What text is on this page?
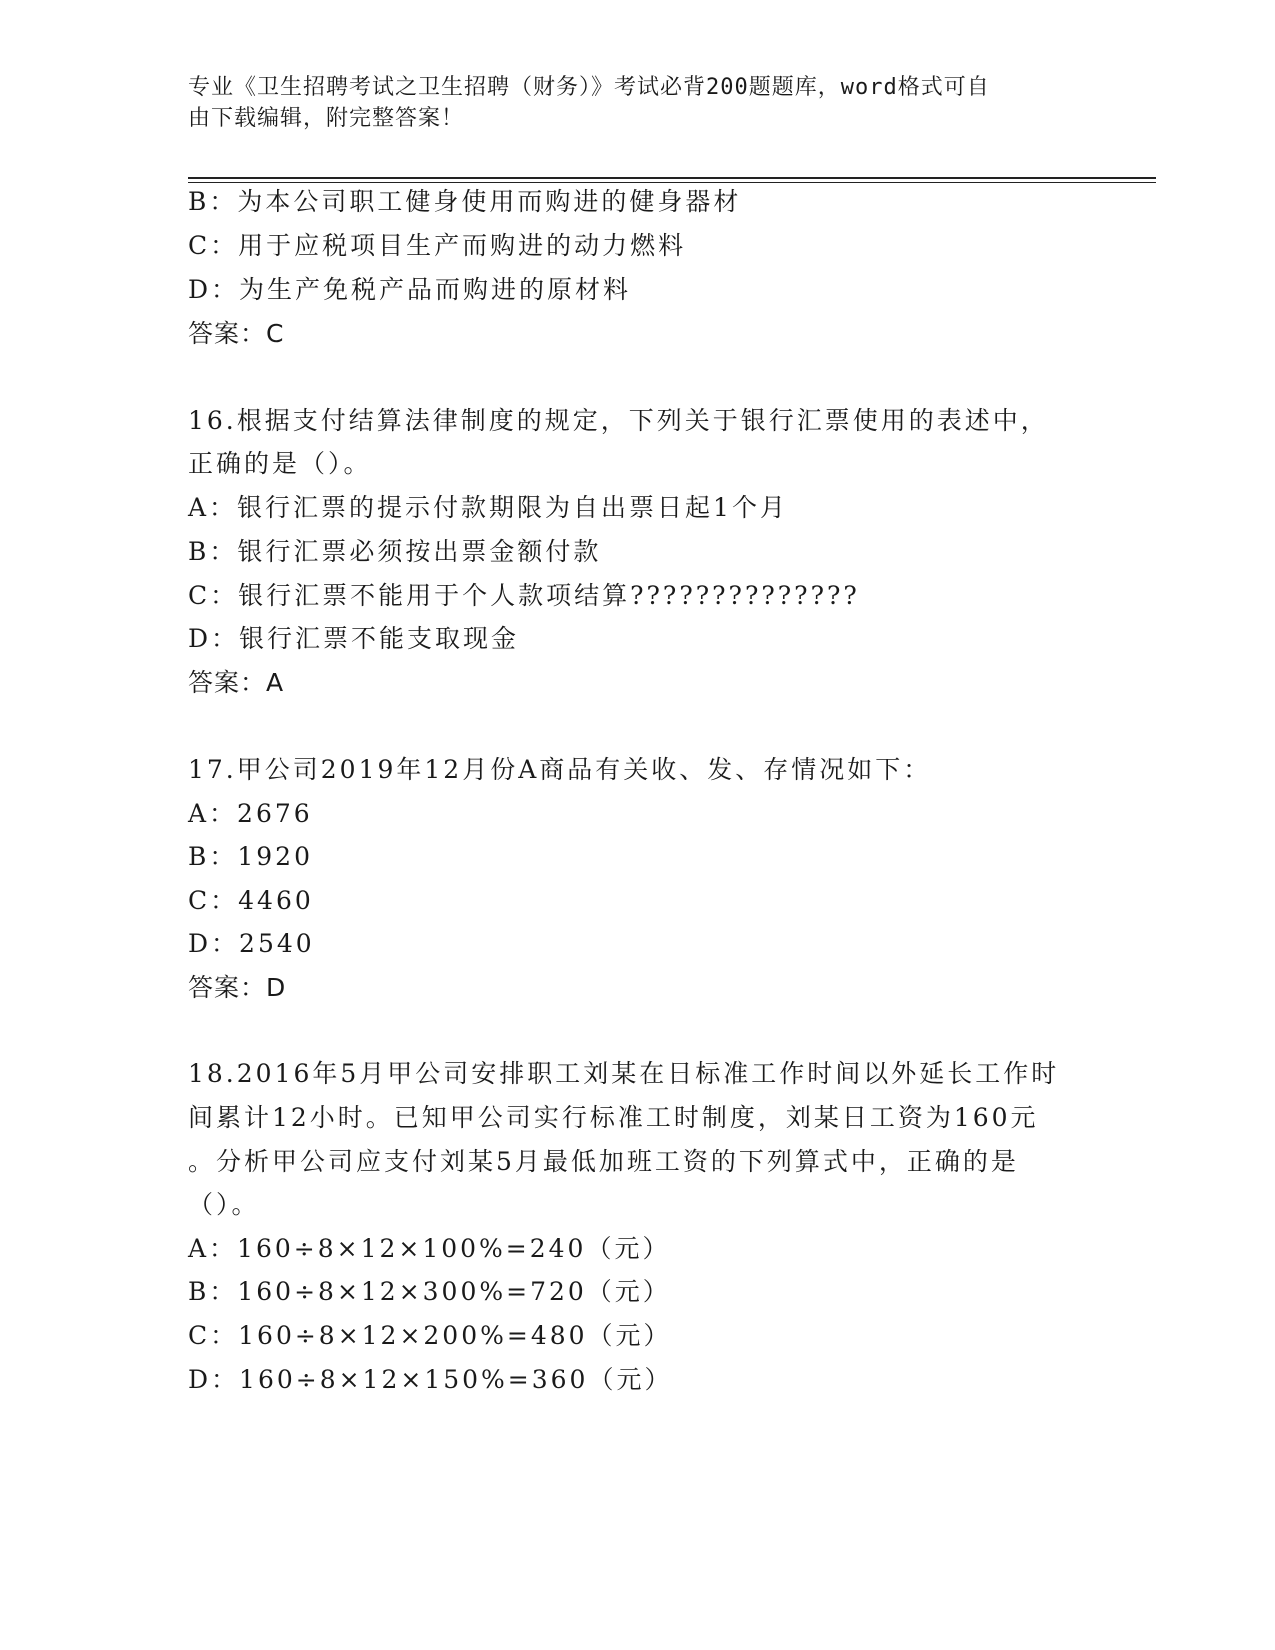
专业《卫生招聘考试之卫生招聘（财务）》考试必背200题题库，word格式可自
由下载编辑，附完整答案！
B：为本公司职工健身使用而购进的健身器材
C：用于应税项目生产而购进的动力燃料
D：为生产免税产品而购进的原材料
答案：C
16.根据支付结算法律制度的规定，下列关于银行汇票使用的表述中，
正确的是（）。
A：银行汇票的提示付款期限为自出票日起1个月
B：银行汇票必须按出票金额付款
C：银行汇票不能用于个人款项结算??????????????
D：银行汇票不能支取现金
答案：A
17.甲公司2019年12月份A商品有关收、发、存情况如下：
A：2676
B：1920
C：4460
D：2540
答案：D
18.2016年5月甲公司安排职工刘某在日标准工作时间以外延长工作时
间累计12小时。已知甲公司实行标准工时制度，刘某日工资为160元
。分析甲公司应支付刘某5月最低加班工资的下列算式中，正确的是
（）。
A：160÷8×12×100%=240（元）
B：160÷8×12×300%=720（元）
C：160÷8×12×200%=480（元）
D：160÷8×12×150%=360（元）
